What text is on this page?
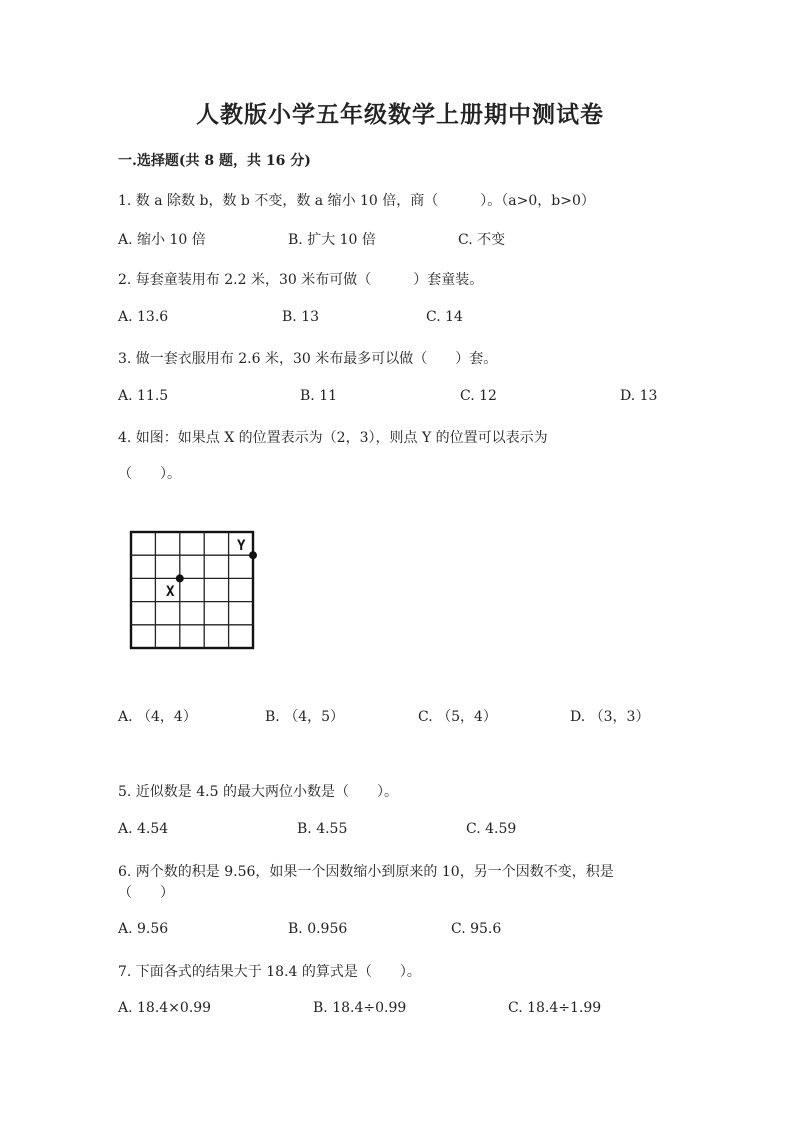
人教版小学五年级数学上册期中测试卷
一.选择题(共 8 题，共 16 分)
1. 数 a 除数 b，数 b 不变，数 a 缩小 10 倍，商（　　　）。（a>0，b>0）
A. 缩小 10 倍	B. 扩大 10 倍	C. 不变
2. 每套童装用布 2.2 米，30 米布可做（　　　）套童装。
A. 13.6	B. 13	C. 14
3. 做一套衣服用布 2.6 米，30 米布最多可以做（　　）套。
A. 11.5	B. 11	C. 12	D. 13
4. 如图：如果点 X 的位置表示为（2，3），则点 Y 的位置可以表示为
（　　）。
X
Y
A. （4，4）	B. （4，5）	C. （5，4）	D. （3，3）
5. 近似数是 4.5 的最大两位小数是（　　）。
A. 4.54	B. 4.55	C. 4.59
6. 两个数的积是 9.56，如果一个因数缩小到原来的 10，另一个因数不变，积是
（　　）
A. 9.56	B. 0.956	C. 95.6
7. 下面各式的结果大于 18.4 的算式是（　　）。
A. 18.4×0.99	B. 18.4÷0.99	C. 18.4÷1.99
